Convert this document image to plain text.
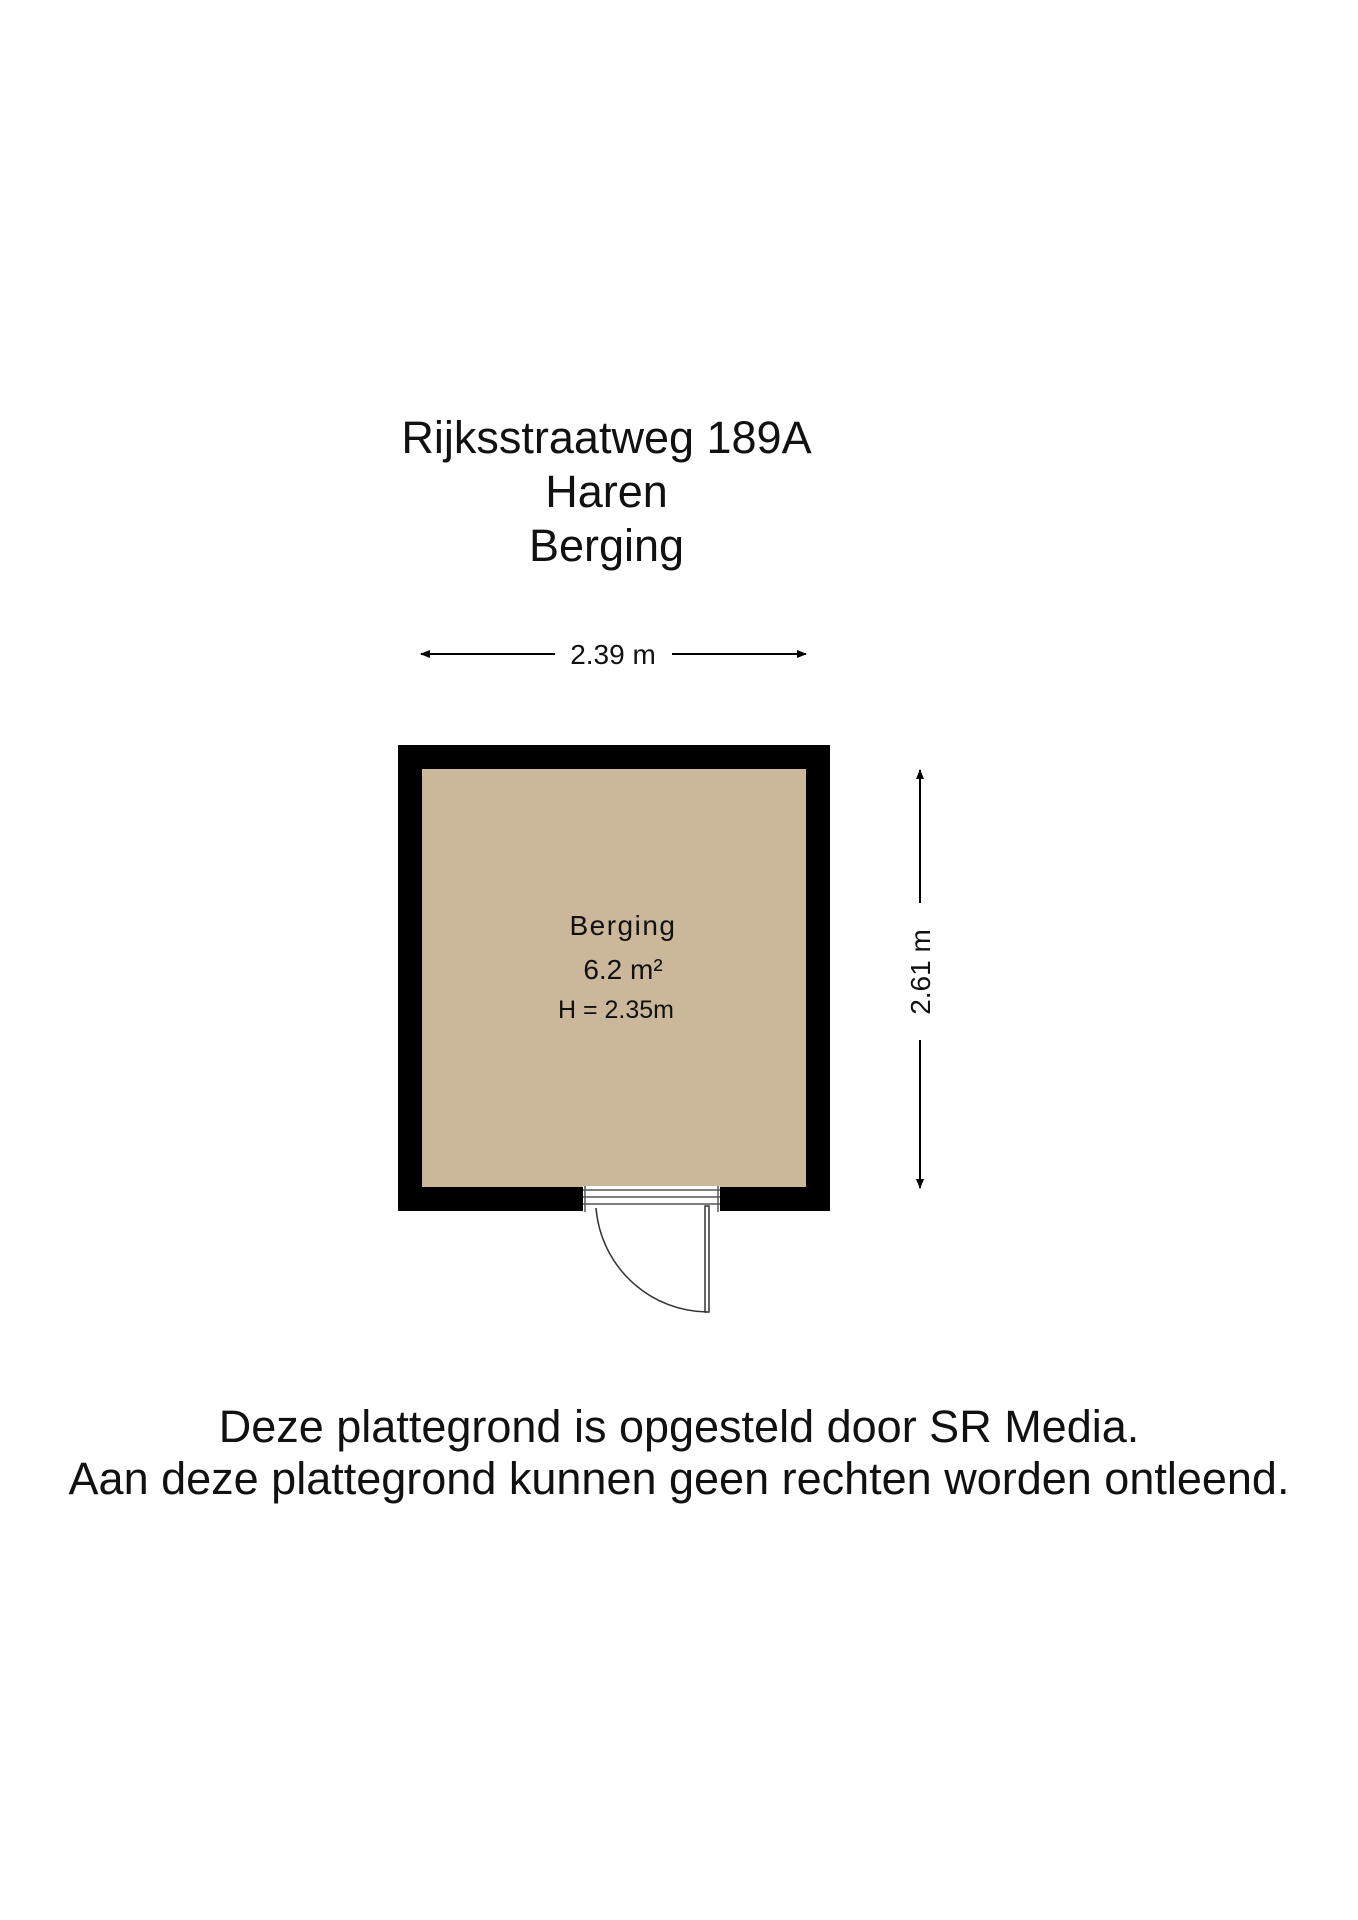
Rijksstraatweg 189A
Haren
Berging
2.39 m
2.61 m
Berging
6.2 m²
H = 2.35m
Deze plattegrond is opgesteld door SR Media.
Aan deze plattegrond kunnen geen rechten worden ontleend.
